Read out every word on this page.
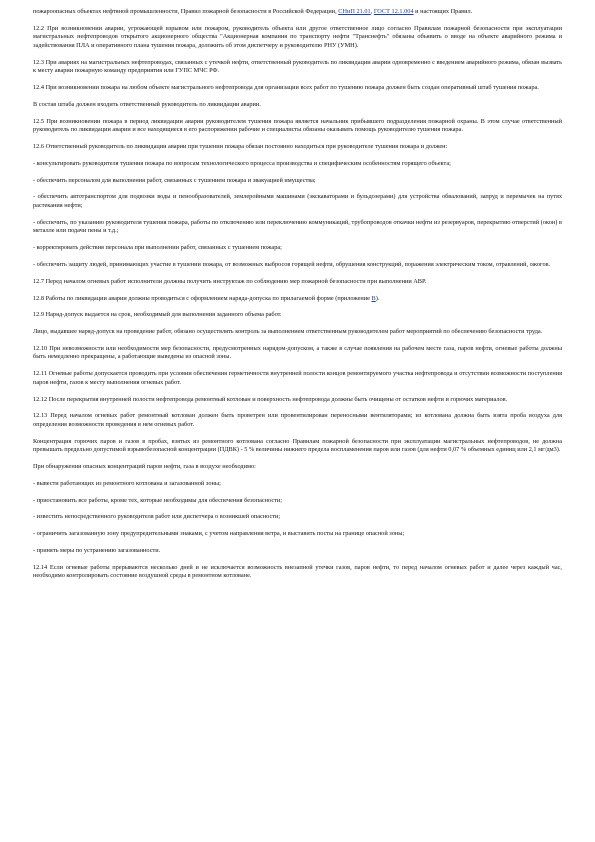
пожароопасных объектах нефтяной промышленности, Правил пожарной безопасности в Российской Федерации, СНиП 21.01, ГОСТ 12.1.004 и настоящих Правил.

12.2 При возникновении аварии, угрожающей взрывом или пожаром, руководитель объекта или другое ответственное лицо согласно Правилам пожарной безопасности при эксплуатации магистральных нефтепроводов открытого акционерного общества "Акционерная компания по транспорту нефти "Транснефть" обязаны объявить о вводе на объекте аварийного режима и задействования ПЛА и оперативного плана тушения пожара, доложить об этом диспетчеру и руководителю РНУ (УМН).

12.3 При авариях на магистральных нефтепроводах, связанных с утечкой нефти, ответственный руководитель по ликвидации аварии одновременно с введением аварийного режима, обязан вызвать к месту аварии пожарную команду предприятия или ГУПС МЧС РФ.

12.4 При возникновении пожара на любом объекте магистрального нефтепровода для организации всех работ по тушению пожара должен быть создан оперативный штаб тушения пожара.

В состав штаба должен входить ответственный руководитель по ликвидации аварии.

12.5 При возникновении пожара в период ликвидации аварии руководителем тушения пожара является начальник прибывшего подразделения пожарной охраны. В этом случае ответственный руководитель по ликвидации аварии и все находящиеся в его распоряжении рабочие и специалисты обязаны оказывать помощь руководителю тушения пожара.

12.6 Ответственный руководитель по ликвидации аварии при тушении пожара обязан постоянно находиться при руководителе тушения пожара и должен:

- консультировать руководителя тушения пожара по вопросам технологического процесса производства и специфическим особенностям горящего объекта;

- обеспечить персоналом для выполнения работ, связанных с тушением пожара и эвакуацией имущества;

- обеспечить автотранспортом для подвозки воды и пенообразователей, землеройными машинами (экскаваторами и бульдозерами) для устройства обвалований, запруд и перемычек на путях растекания нефти;

- обеспечить, по указанию руководителя тушения пожара, работы по отключению или переключению коммуникаций, трубопроводов откачки нефти из резервуаров, перекрытию отверстий (окон) в металле или подачи пены и т.д.;

- корректировать действия персонала при выполнении работ, связанных с тушением пожара;

- обеспечить защиту людей, принимающих участие в тушении пожара, от возможных выбросов горящей нефти, обрушения конструкций, поражения электрическим током, отравлений, ожогов.

12.7 Перед началом огневых работ исполнители должны получить инструктаж по соблюдению мер пожарной безопасности при выполнении АВР.

12.8 Работы по ликвидации аварии должны проводиться с оформлением наряда-допуска по прилагаемой форме (приложение В).

12.9 Наряд-допуск выдается на срок, необходимый для выполнения заданного объема работ.

Лицо, выдавшее наряд-допуск на проведение работ, обязано осуществлять контроль за выполнением ответственным руководителем работ мероприятий по обеспечению безопасности труда.

12.10 При невозможности или необходимости мер безопасности, предусмотренных нарядом-допуском, а также в случае появления на рабочем месте газа, паров нефти, огневые работы должны быть немедленно прекращены, а работающие выведены из опасной зоны.

12.11 Огневые работы допускается проводить при условии обеспечения герметичности внутренней полости концов ремонтируемого участка нефтепровода и отсутствии возможности поступления паров нефти, газов к месту выполнения огневых работ.

12.12 После перекрытия внутренней полости нефтепровода ремонтный котлован и поверхность нефтепровода должны быть очищены от остатков нефти и горючих материалов.

12.13 Перед началом огневых работ ремонтный котлован должен быть проветрен или провентилирован переносными вентиляторами; из котлована должна быть взята проба воздуха для определения возможности проведения в нем огневых работ.

Концентрация горючих паров и газов в пробах, взятых из ремонтного котлована согласно Правилам пожарной безопасности при эксплуатации магистральных нефтепроводов, не должна превышать предельно допустимой взрывобезопасной концентрации (ПДВК) - 5 % величины нижнего предела воспламенения паров или газов (для нефти 0,07 % объемных единиц или 2,1 мг/дм3).

При обнаружении опасных концентраций паров нефти, газа в воздухе необходимо:

- вывести работающих из ремонтного котлована и загазованной зоны;

- приостановить все работы, кроме тех, которые необходимы для обеспечения безопасности;

- известить непосредственного руководителя работ или диспетчера о возникшей опасности;

- ограничить загазованную зону предупредительными знаками, с учетом направления ветра, и выставить посты на границе опасной зоны;

- принять меры по устранению загазованности.

12.14 Если огневые работы прерываются несколько дней и не исключается возможность внезапной утечки газов, паров нефти, то перед началом огневых работ и далее через каждый час, необходимо контролировать состояние воздушной среды в ремонтном котловане.
